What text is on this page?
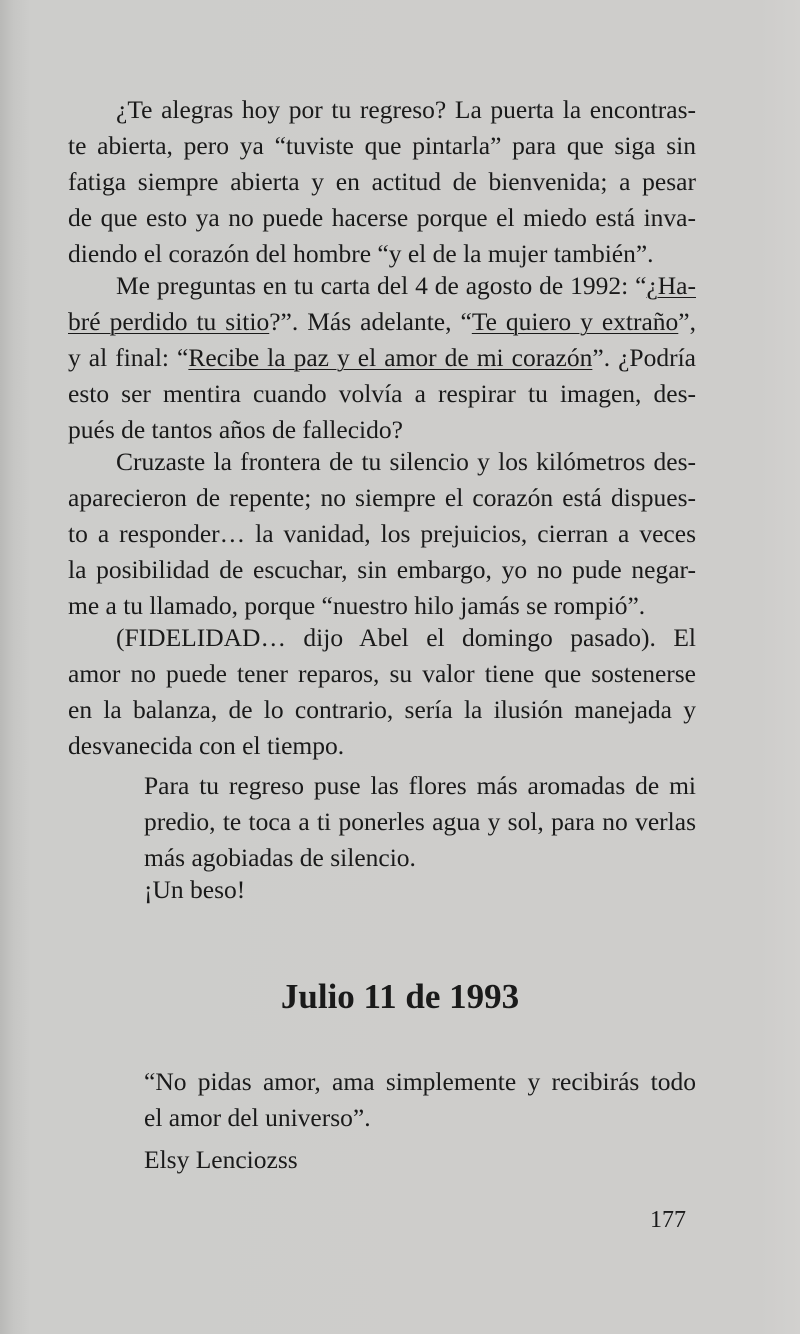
¿Te alegras hoy por tu regreso? La puerta la encontras-
te abierta, pero ya “tuviste que pintarla” para que siga sin
fatiga siempre abierta y en actitud de bienvenida; a pesar
de que esto ya no puede hacerse porque el miedo está inva-
diendo el corazón del hombre “y el de la mujer también”.
Me preguntas en tu carta del 4 de agosto de 1992: “¿Ha-
bré perdido tu sitio?”. Más adelante, “Te quiero y extraño”,
y al final: “Recibe la paz y el amor de mi corazón”. ¿Podría
esto ser mentira cuando volvía a respirar tu imagen, des-
pués de tantos años de fallecido?
Cruzaste la frontera de tu silencio y los kilómetros des-
aparecieron de repente; no siempre el corazón está dispues-
to a responder… la vanidad, los prejuicios, cierran a veces
la posibilidad de escuchar, sin embargo, yo no pude negar-
me a tu llamado, porque “nuestro hilo jamás se rompió”.
(FIDELIDAD… dijo Abel el domingo pasado). El
amor no puede tener reparos, su valor tiene que sostenerse
en la balanza, de lo contrario, sería la ilusión manejada y
desvanecida con el tiempo.
Para tu regreso puse las flores más aromadas de mi
predio, te toca a ti ponerles agua y sol, para no verlas
más agobiadas de silencio.
¡Un beso!
Julio 11 de 1993
“No pidas amor, ama simplemente y recibirás todo
el amor del universo”.
Elsy Lenciozss
177
